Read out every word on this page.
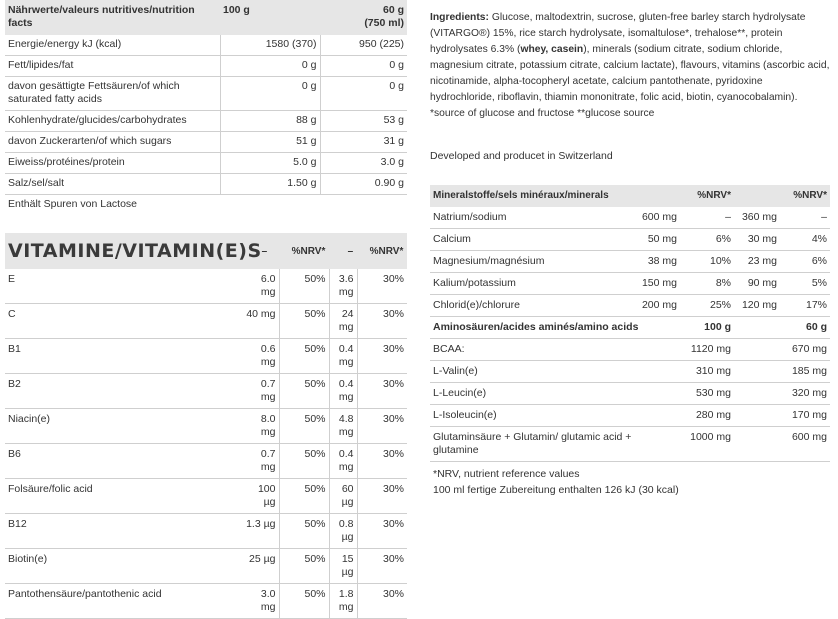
Nährwerte/valeurs nutritives/nutrition facts	100 g	60 g
(750 ml)

Energie/energy kJ (kcal)	1580 (370)	950 (225)
Fett/lipides/fat	0 g	0 g
davon gesättigte Fettsäuren/of which saturated fatty acids	0 g	0 g
Kohlenhydrate/glucides/carbohydrates	88 g	53 g
davon Zuckerarten/of which sugars	51 g	31 g
Eiweiss/protéines/protein	5.0 g	3.0 g
Salz/sel/salt	1.50 g	0.90 g
Enthält Spuren von Lactose
VITAMINE/VITAMIN(E)S –	%NRV*	–	%NRV*
E	6.0 mg	50%	3.6 mg	30%
C	40 mg	50%	24 mg	30%
B1	0.6 mg	50%	0.4 mg	30%
B2	0.7 mg	50%	0.4 mg	30%
Niacin(e)	8.0 mg	50%	4.8 mg	30%
B6	0.7 mg	50%	0.4 mg	30%
Folsäure/folic acid	100 µg	50%	60 µg	30%
B12	1.3 µg	50%	0.8 µg	30%
Biotin(e)	25 µg	50%	15 µg	30%
Pantothensäure/pantothenic acid	3.0 mg	50%	1.8 mg	30%
Ingredients: Glucose, maltodextrin, sucrose, gluten-free barley starch hydrolysate (VITARGO®) 15%, rice starch hydrolysate, isomaltulose*, trehalose**, protein hydrolysates 6.3% (whey, casein), minerals (sodium citrate, sodium chloride, magnesium citrate, potassium citrate, calcium lactate), flavours, vitamins (ascorbic acid, nicotinamide, alpha-tocopheryl acetate, calcium pantothenate, pyridoxine hydrochloride, riboflavin, thiamin mononitrate, folic acid, biotin, cyanocobalamin).
*source of glucose and fructose **glucose source
Developed and producet in Switzerland
Mineralstoffe/sels minéraux/minerals		%NRV*		%NRV*
Natrium/sodium	600 mg	–	360 mg	–
Calcium	50 mg	6%	30 mg	4%
Magnesium/magnésium	38 mg	10%	23 mg	6%
Kalium/potassium	150 mg	8%	90 mg	5%
Chlorid(e)/chlorure	200 mg	25%	120 mg	17%
Aminosäuren/acides aminés/amino acids		100 g		60 g
BCAA:		1120 mg		670 mg
L-Valin(e)		310 mg		185 mg
L-Leucin(e)		530 mg		320 mg
L-Isoleucin(e)		280 mg		170 mg
Glutaminsäure + Glutamin/ glutamic acid + glutamine		1000 mg		600 mg
*NRV, nutrient reference values
100 ml fertige Zubereitung enthalten 126 kJ (30 kcal)
